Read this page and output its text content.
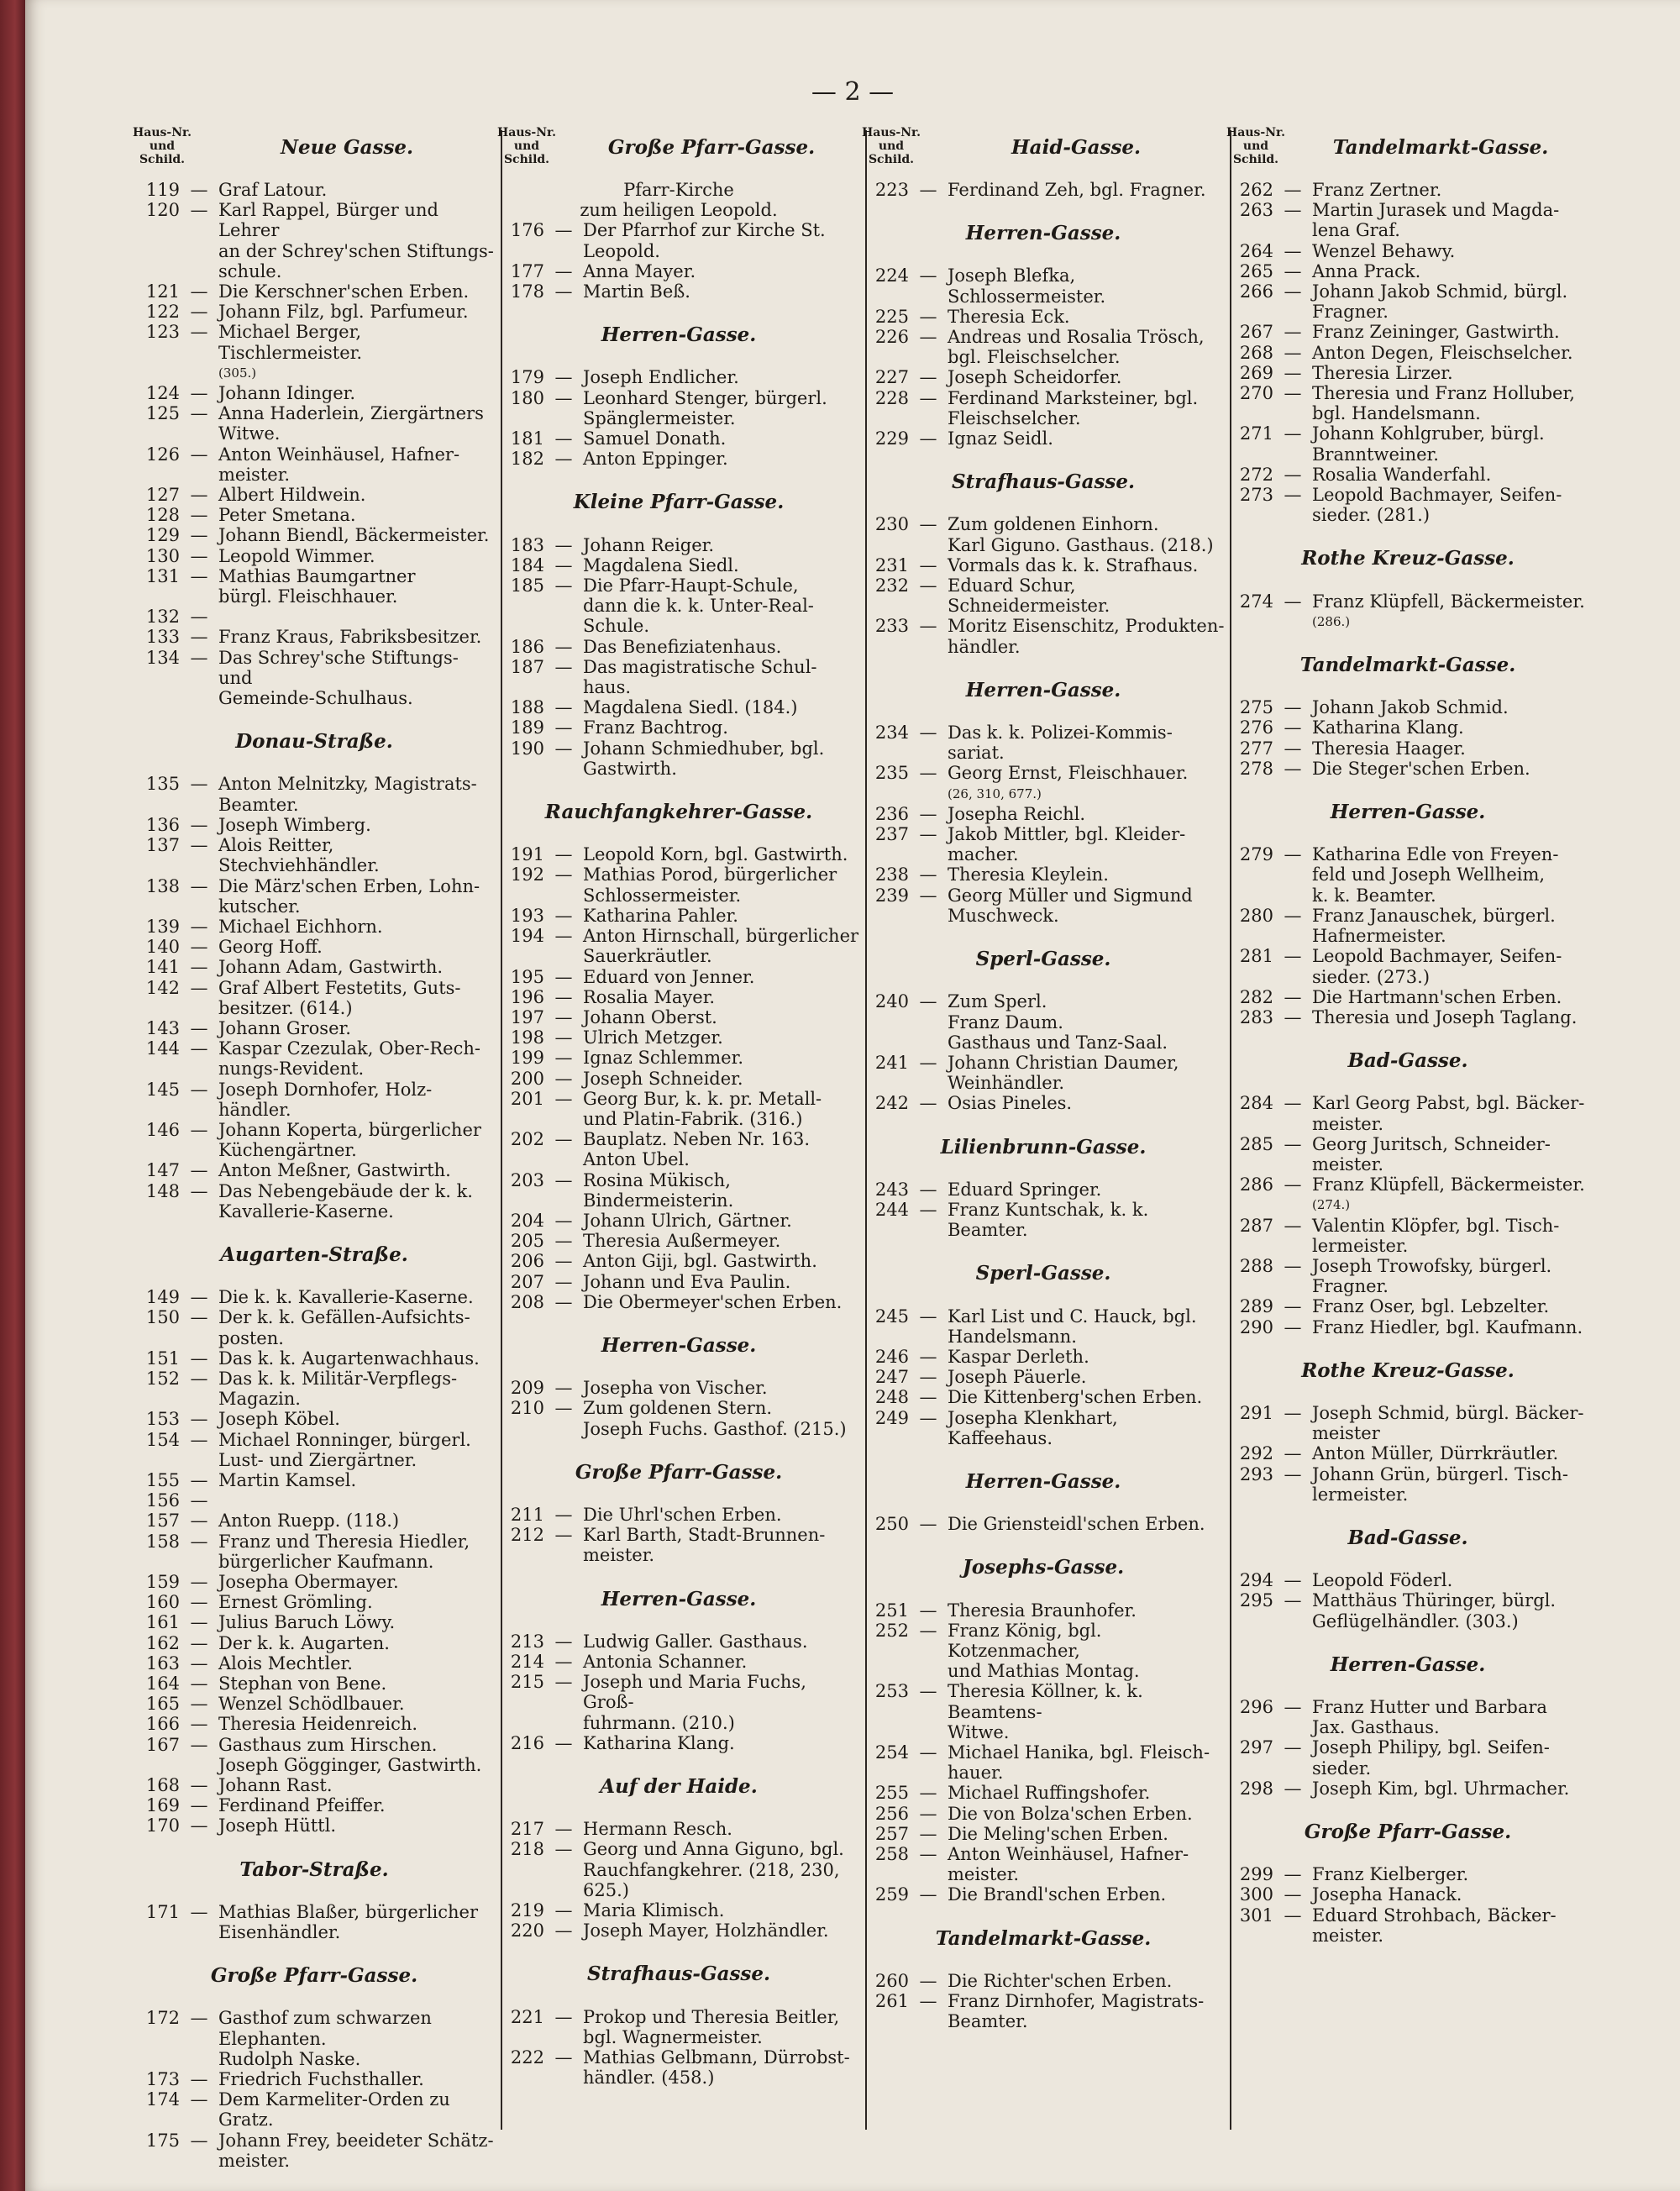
— 2 —
Haus-Nr. und Schild.
Neue Gasse.
119 — Graf Latour.
120 — Karl Rappel, Bürger und Lehrer
an der Schrey'schen Stiftungs-
schule.
121 — Die Kerschner'schen Erben.
122 — Johann Filz, bgl. Parfumeur.
123 — Michael Berger, Tischlermeister.
(305.)
124 — Johann Idinger.
125 — Anna Haderlein, Ziergärtners
Witwe.
126 — Anton Weinhäusel, Hafner-
meister.
127 — Albert Hildwein.
128 — Peter Smetana.
129 — Johann Biendl, Bäckermeister.
130 — Leopold Wimmer.
131 — Mathias Baumgartner
bürgl. Fleischhauer.
132 —
133 — Franz Kraus, Fabriksbesitzer.
134 — Das Schrey'sche Stiftungs- und
Gemeinde-Schulhaus.
Donau-Straße.
135 — Anton Melnitzky, Magistrats-
Beamter.
136 — Joseph Wimberg.
137 — Alois Reitter, Stechviehhändler.
138 — Die März'schen Erben, Lohn-
kutscher.
139 — Michael Eichhorn.
140 — Georg Hoff.
141 — Johann Adam, Gastwirth.
142 — Graf Albert Festetits, Guts-
besitzer. (614.)
143 — Johann Groser.
144 — Kaspar Czezulak, Ober-Rech-
nungs-Revident.
145 — Joseph Dornhofer, Holz-
händler.
146 — Johann Koperta, bürgerlicher
Küchengärtner.
147 — Anton Meßner, Gastwirth.
148 — Das Nebengebäude der k. k.
Kavallerie-Kaserne.
Augarten-Straße.
149 — Die k. k. Kavallerie-Kaserne.
150 — Der k. k. Gefällen-Aufsichts-
posten.
151 — Das k. k. Augartenwachhaus.
152 — Das k. k. Militär-Verpflegs-
Magazin.
153 — Joseph Köbel.
154 — Michael Ronninger, bürgerl.
Lust- und Ziergärtner.
155 — Martin Kamsel.
156 —
157 — Anton Ruepp. (118.)
158 — Franz und Theresia Hiedler,
bürgerlicher Kaufmann.
159 — Josepha Obermayer.
160 — Ernest Grömling.
161 — Julius Baruch Löwy.
162 — Der k. k. Augarten.
163 — Alois Mechtler.
164 — Stephan von Bene.
165 — Wenzel Schödlbauer.
166 — Theresia Heidenreich.
167 — Gasthaus zum Hirschen.
Joseph Gögginger, Gastwirth.
168 — Johann Rast.
169 — Ferdinand Pfeiffer.
170 — Joseph Hüttl.
Tabor-Straße.
171 — Mathias Blaßer, bürgerlicher
Eisenhändler.
Große Pfarr-Gasse.
172 — Gasthof zum schwarzen Elephanten.
Rudolph Naske.
173 — Friedrich Fuchsthaller.
174 — Dem Karmeliter-Orden zu
Gratz.
175 — Johann Frey, beeideter Schätz-
meister.
Haus-Nr. und Schild.
Große Pfarr-Gasse.
Pfarr-Kirche
zum heiligen Leopold.
176 — Der Pfarrhof zur Kirche St.
Leopold.
177 — Anna Mayer.
178 — Martin Beß.
Herren-Gasse.
179 — Joseph Endlicher.
180 — Leonhard Stenger, bürgerl.
Spänglermeister.
181 — Samuel Donath.
182 — Anton Eppinger.
Kleine Pfarr-Gasse.
183 — Johann Reiger.
184 — Magdalena Siedl.
185 — Die Pfarr-Haupt-Schule,
dann die k. k. Unter-Real-
Schule.
186 — Das Benefiziatenhaus.
187 — Das magistratische Schul-
haus.
188 — Magdalena Siedl. (184.)
189 — Franz Bachtrog.
190 — Johann Schmiedhuber, bgl.
Gastwirth.
Rauchfangkehrer-Gasse.
191 — Leopold Korn, bgl. Gastwirth.
192 — Mathias Porod, bürgerlicher
Schlossermeister.
193 — Katharina Pahler.
194 — Anton Hirnschall, bürgerlicher
Sauerkräutler.
195 — Eduard von Jenner.
196 — Rosalia Mayer.
197 — Johann Oberst.
198 — Ulrich Metzger.
199 — Ignaz Schlemmer.
200 — Joseph Schneider.
201 — Georg Bur, k. k. pr. Metall-
und Platin-Fabrik. (316.)
202 — Bauplatz. Neben Nr. 163.
Anton Ubel.
203 — Rosina Mükisch, Bindermeisterin.
204 — Johann Ulrich, Gärtner.
205 — Theresia Außermeyer.
206 — Anton Giji, bgl. Gastwirth.
207 — Johann und Eva Paulin.
208 — Die Obermeyer'schen Erben.
Herren-Gasse.
209 — Josepha von Vischer.
210 — Zum goldenen Stern.
Joseph Fuchs. Gasthof. (215.)
Große Pfarr-Gasse.
211 — Die Uhrl'schen Erben.
212 — Karl Barth, Stadt-Brunnen-
meister.
Herren-Gasse.
213 — Ludwig Galler. Gasthaus.
214 — Antonia Schanner.
215 — Joseph und Maria Fuchs, Groß-
fuhrmann. (210.)
216 — Katharina Klang.
Auf der Haide.
217 — Hermann Resch.
218 — Georg und Anna Giguno, bgl.
Rauchfangkehrer. (218, 230, 625.)
219 — Maria Klimisch.
220 — Joseph Mayer, Holzhändler.
Strafhaus-Gasse.
221 — Prokop und Theresia Beitler,
bgl. Wagnermeister.
222 — Mathias Gelbmann, Dürrobst-
händler. (458.)
Haus-Nr. und Schild.
Haid-Gasse.
223 — Ferdinand Zeh, bgl. Fragner.
Herren-Gasse.
224 — Joseph Blefka, Schlossermeister.
225 — Theresia Eck.
226 — Andreas und Rosalia Trösch,
bgl. Fleischselcher.
227 — Joseph Scheidorfer.
228 — Ferdinand Marksteiner, bgl.
Fleischselcher.
229 — Ignaz Seidl.
Strafhaus-Gasse.
230 — Zum goldenen Einhorn.
Karl Giguno. Gasthaus. (218.)
231 — Vormals das k. k. Strafhaus.
232 — Eduard Schur, Schneidermeister.
233 — Moritz Eisenschitz, Produkten-
händler.
Herren-Gasse.
234 — Das k. k. Polizei-Kommis-
sariat.
235 — Georg Ernst, Fleischhauer.
(26, 310, 677.)
236 — Josepha Reichl.
237 — Jakob Mittler, bgl. Kleider-
macher.
238 — Theresia Kleylein.
239 — Georg Müller und Sigmund
Muschweck.
Sperl-Gasse.
240 — Zum Sperl.
Franz Daum.
Gasthaus und Tanz-Saal.
241 — Johann Christian Daumer,
Weinhändler.
242 — Osias Pineles.
Lilienbrunn-Gasse.
243 — Eduard Springer.
244 — Franz Kuntschak, k. k. Beamter.
Sperl-Gasse.
245 — Karl List und C. Hauck, bgl.
Handelsmann.
246 — Kaspar Derleth.
247 — Joseph Päuerle.
248 — Die Kittenberg'schen Erben.
249 — Josepha Klenkhart, Kaffeehaus.
Herren-Gasse.
250 — Die Griensteidl'schen Erben.
Josephs-Gasse.
251 — Theresia Braunhofer.
252 — Franz König, bgl. Kotzenmacher,
und Mathias Montag.
253 — Theresia Köllner, k. k. Beamtens-
Witwe.
254 — Michael Hanika, bgl. Fleisch-
hauer.
255 — Michael Ruffingshofer.
256 — Die von Bolza'schen Erben.
257 — Die Meling'schen Erben.
258 — Anton Weinhäusel, Hafner-
meister.
259 — Die Brandl'schen Erben.
Tandelmarkt-Gasse.
260 — Die Richter'schen Erben.
261 — Franz Dirnhofer, Magistrats-
Beamter.
Haus-Nr. und Schild.
Tandelmarkt-Gasse.
262 — Franz Zertner.
263 — Martin Jurasek und Magda-
lena Graf.
264 — Wenzel Behawy.
265 — Anna Prack.
266 — Johann Jakob Schmid, bürgl.
Fragner.
267 — Franz Zeininger, Gastwirth.
268 — Anton Degen, Fleischselcher.
269 — Theresia Lirzer.
270 — Theresia und Franz Holluber,
bgl. Handelsmann.
271 — Johann Kohlgruber, bürgl.
Branntweiner.
272 — Rosalia Wanderfahl.
273 — Leopold Bachmayer, Seifen-
sieder. (281.)
Rothe Kreuz-Gasse.
274 — Franz Klüpfell, Bäckermeister.
(286.)
Tandelmarkt-Gasse.
275 — Johann Jakob Schmid.
276 — Katharina Klang.
277 — Theresia Haager.
278 — Die Steger'schen Erben.
Herren-Gasse.
279 — Katharina Edle von Freyen-
feld und Joseph Wellheim,
k. k. Beamter.
280 — Franz Janauschek, bürgerl.
Hafnermeister.
281 — Leopold Bachmayer, Seifen-
sieder. (273.)
282 — Die Hartmann'schen Erben.
283 — Theresia und Joseph Taglang.
Bad-Gasse.
284 — Karl Georg Pabst, bgl. Bäcker-
meister.
285 — Georg Juritsch, Schneider-
meister.
286 — Franz Klüpfell, Bäckermeister.
(274.)
287 — Valentin Klöpfer, bgl. Tisch-
lermeister.
288 — Joseph Trowofsky, bürgerl.
Fragner.
289 — Franz Oser, bgl. Lebzelter.
290 — Franz Hiedler, bgl. Kaufmann.
Rothe Kreuz-Gasse.
291 — Joseph Schmid, bürgl. Bäcker-
meister
292 — Anton Müller, Dürrkräutler.
293 — Johann Grün, bürgerl. Tisch-
lermeister.
Bad-Gasse.
294 — Leopold Föderl.
295 — Matthäus Thüringer, bürgl.
Geflügelhändler. (303.)
Herren-Gasse.
296 — Franz Hutter und Barbara
Jax. Gasthaus.
297 — Joseph Philipy, bgl. Seifen-
sieder.
298 — Joseph Kim, bgl. Uhrmacher.
Große Pfarr-Gasse.
299 — Franz Kielberger.
300 — Josepha Hanack.
301 — Eduard Strohbach, Bäcker-
meister.
